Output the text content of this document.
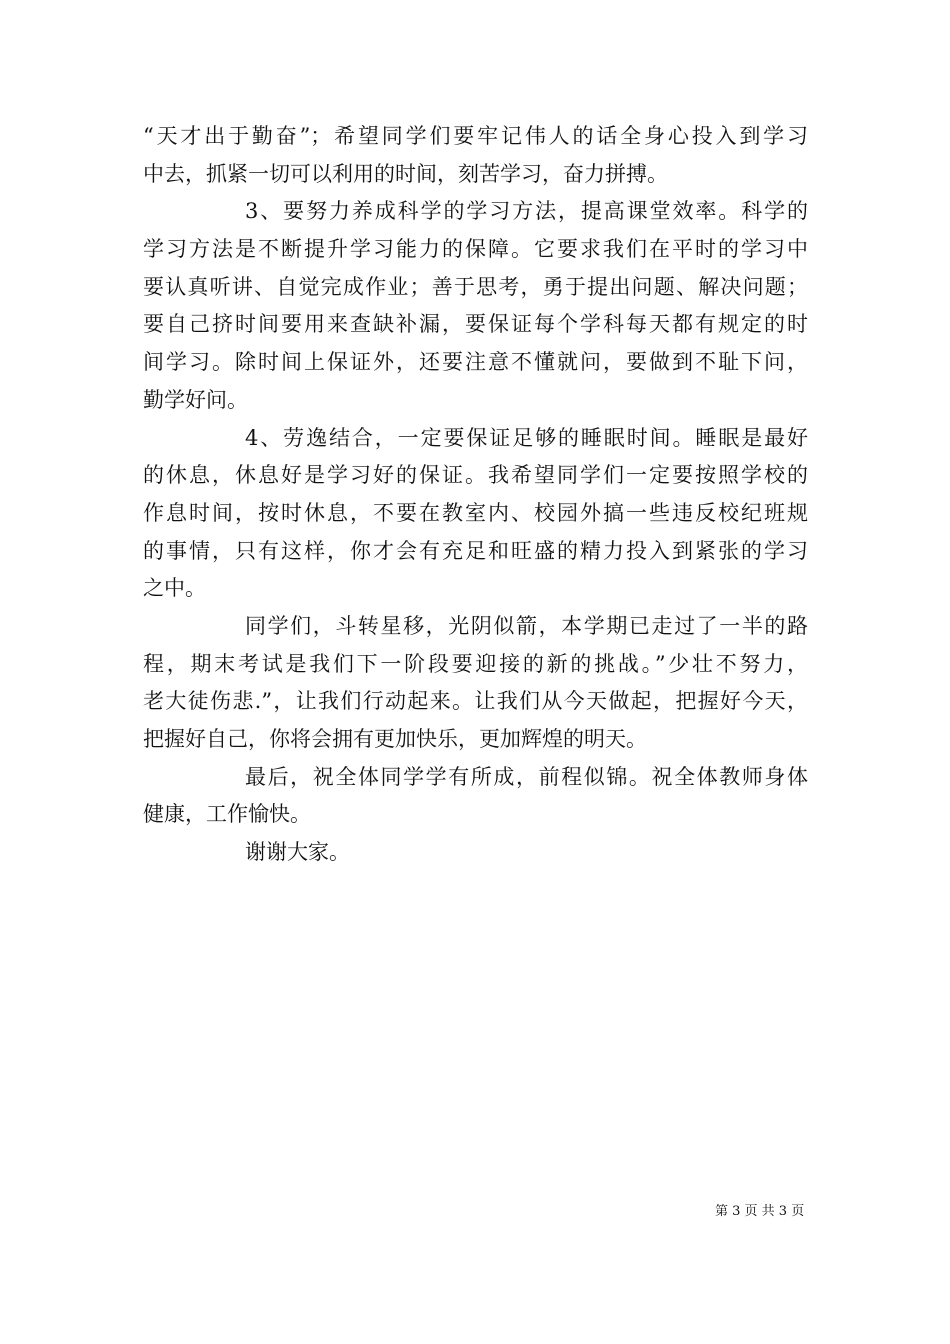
“天才出于勤奋”；希望同学们要牢记伟人的话全身心投入到学习
中去，抓紧一切可以利用的时间，刻苦学习，奋力拼搏。
3、要努力养成科学的学习方法，提高课堂效率。科学的
学习方法是不断提升学习能力的保障。它要求我们在平时的学习中
要认真听讲、自觉完成作业；善于思考，勇于提出问题、解决问题；
要自己挤时间要用来查缺补漏，要保证每个学科每天都有规定的时
间学习。除时间上保证外，还要注意不懂就问，要做到不耻下问，
勤学好问。
4、劳逸结合，一定要保证足够的睡眠时间。睡眠是最好
的休息，休息好是学习好的保证。我希望同学们一定要按照学校的
作息时间，按时休息，不要在教室内、校园外搞一些违反校纪班规
的事情，只有这样，你才会有充足和旺盛的精力投入到紧张的学习
之中。
同学们，斗转星移，光阴似箭，本学期已走过了一半的路
程，期末考试是我们下一阶段要迎接的新的挑战。”少壮不努力，
老大徒伤悲.”，让我们行动起来。让我们从今天做起，把握好今天，
把握好自己，你将会拥有更加快乐，更加辉煌的明天。
最后，祝全体同学学有所成，前程似锦。祝全体教师身体
健康，工作愉快。
谢谢大家。
第 3 页 共 3 页
